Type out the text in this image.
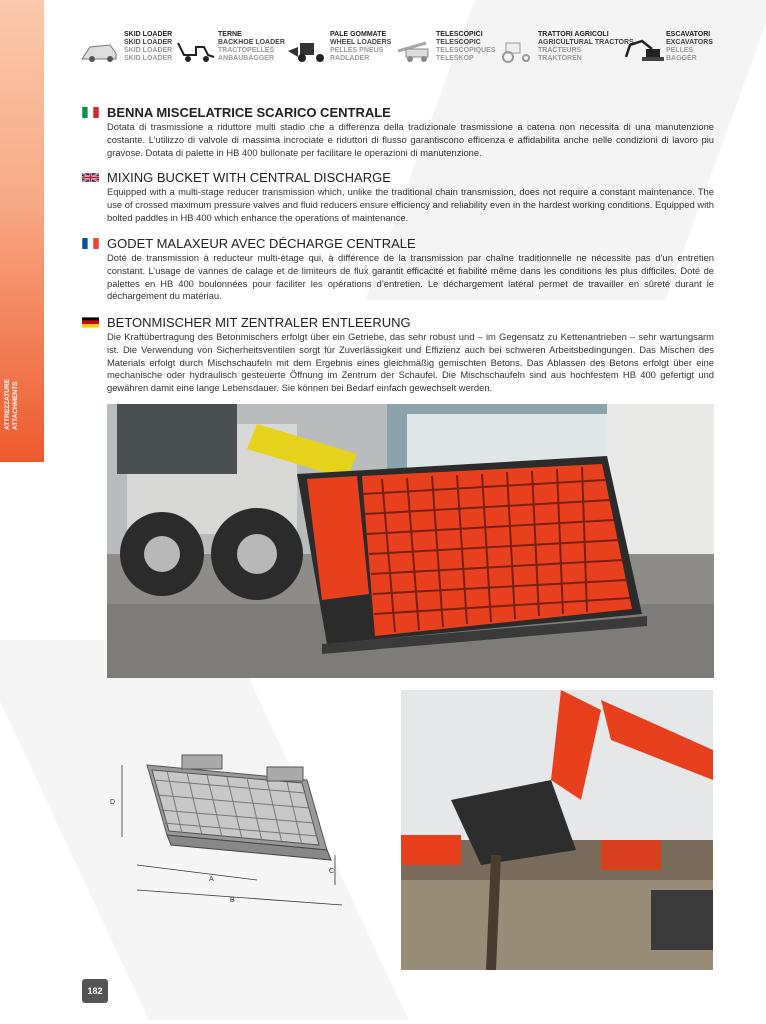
ATTREZZATURE ATTACHMENTS
SKID LOADER
SKID LOADER
SKID LOADER
SKID LOADER
TERNE
BACKHOE LOADER
TRACTOPELLES
ANBAUBAGGER
PALE GOMMATE
WHEEL LOADERS
PELLES PNEUS
RADLADER
TELESCOPICI
TELESCOPIC
TELESCOPIQUES
TELESKOP
TRATTORI AGRICOLI
AGRICULTURAL TRACTORS
TRACTEURS
TRAKTOREN
ESCAVATORI
EXCAVATORS
PELLES
BAGGER
BENNA MISCELATRICE SCARICO CENTRALE
Dotata di trasmissione a riduttore multi stadio che a differenza della tradizionale trasmissione a catena non necessita di una manutenzione costante. L’utilizzo di valvole di massima incrociate e riduttori di flusso garantiscono efficenza e affidabilita anche nelle condizioni di lavoro piu gravose. Dotata di palette in HB 400 bullonate per facilitare le operazioni di manutenzione.
MIXING BUCKET WITH CENTRAL DISCHARGE
Equipped with a multi-stage reducer transmission which, unlike the traditional chain transmission, does not require a constant maintenance. The use of crossed maximum pressure valves and fluid reducers ensure efficiency and reliability even in the hardest working conditions. Equipped with bolted paddles in HB 400 which enhance the operations of maintenance.
GODET MALAXEUR AVEC DÉCHARGE CENTRALE
Doté de transmission à reducteur multi-étage qui, à différence de la transmission par chaîne traditionnelle ne nécessite pas d’un entretien constant. L’usage de vannes de calage et de limiteurs de flux garantit efficacité et fiabilité même dans les conditions les plus difficiles. Doté de palettes en HB 400 boulonnées pour faciliter les opérations d’entretien. Le déchargement latéral permet de travailler en sûreté durant le déchargement du matériau.
BETONMISCHER MIT ZENTRALER ENTLEERUNG
Die Kraftübertragung des Betonmischers erfolgt über ein Getriebe, das sehr robust und – im Gegensatz zu Kettenantrieben – sehr wartungsarm ist. Die Verwendung von Sicherheitsventilen sorgt für Zuverlässigkeit und Effizienz auch bei schweren Arbeitsbedingungen. Das Mischen des Materials erfolgt durch Mischschaufeln mit dem Ergebnis eines gleichmäßig gemischten Betons. Das Ablassen des Betons erfolgt über eine mechanische oder hydraulisch gesteuerte Öffnung im Zentrum der Schaufel. Die Mischschaufeln sind aus hochfestem HB 400 gefertigt und gewähren damit eine lange Lebensdauer. Sie können bei Bedarf einfach gewechselt werden.
D
A
C
B
182
